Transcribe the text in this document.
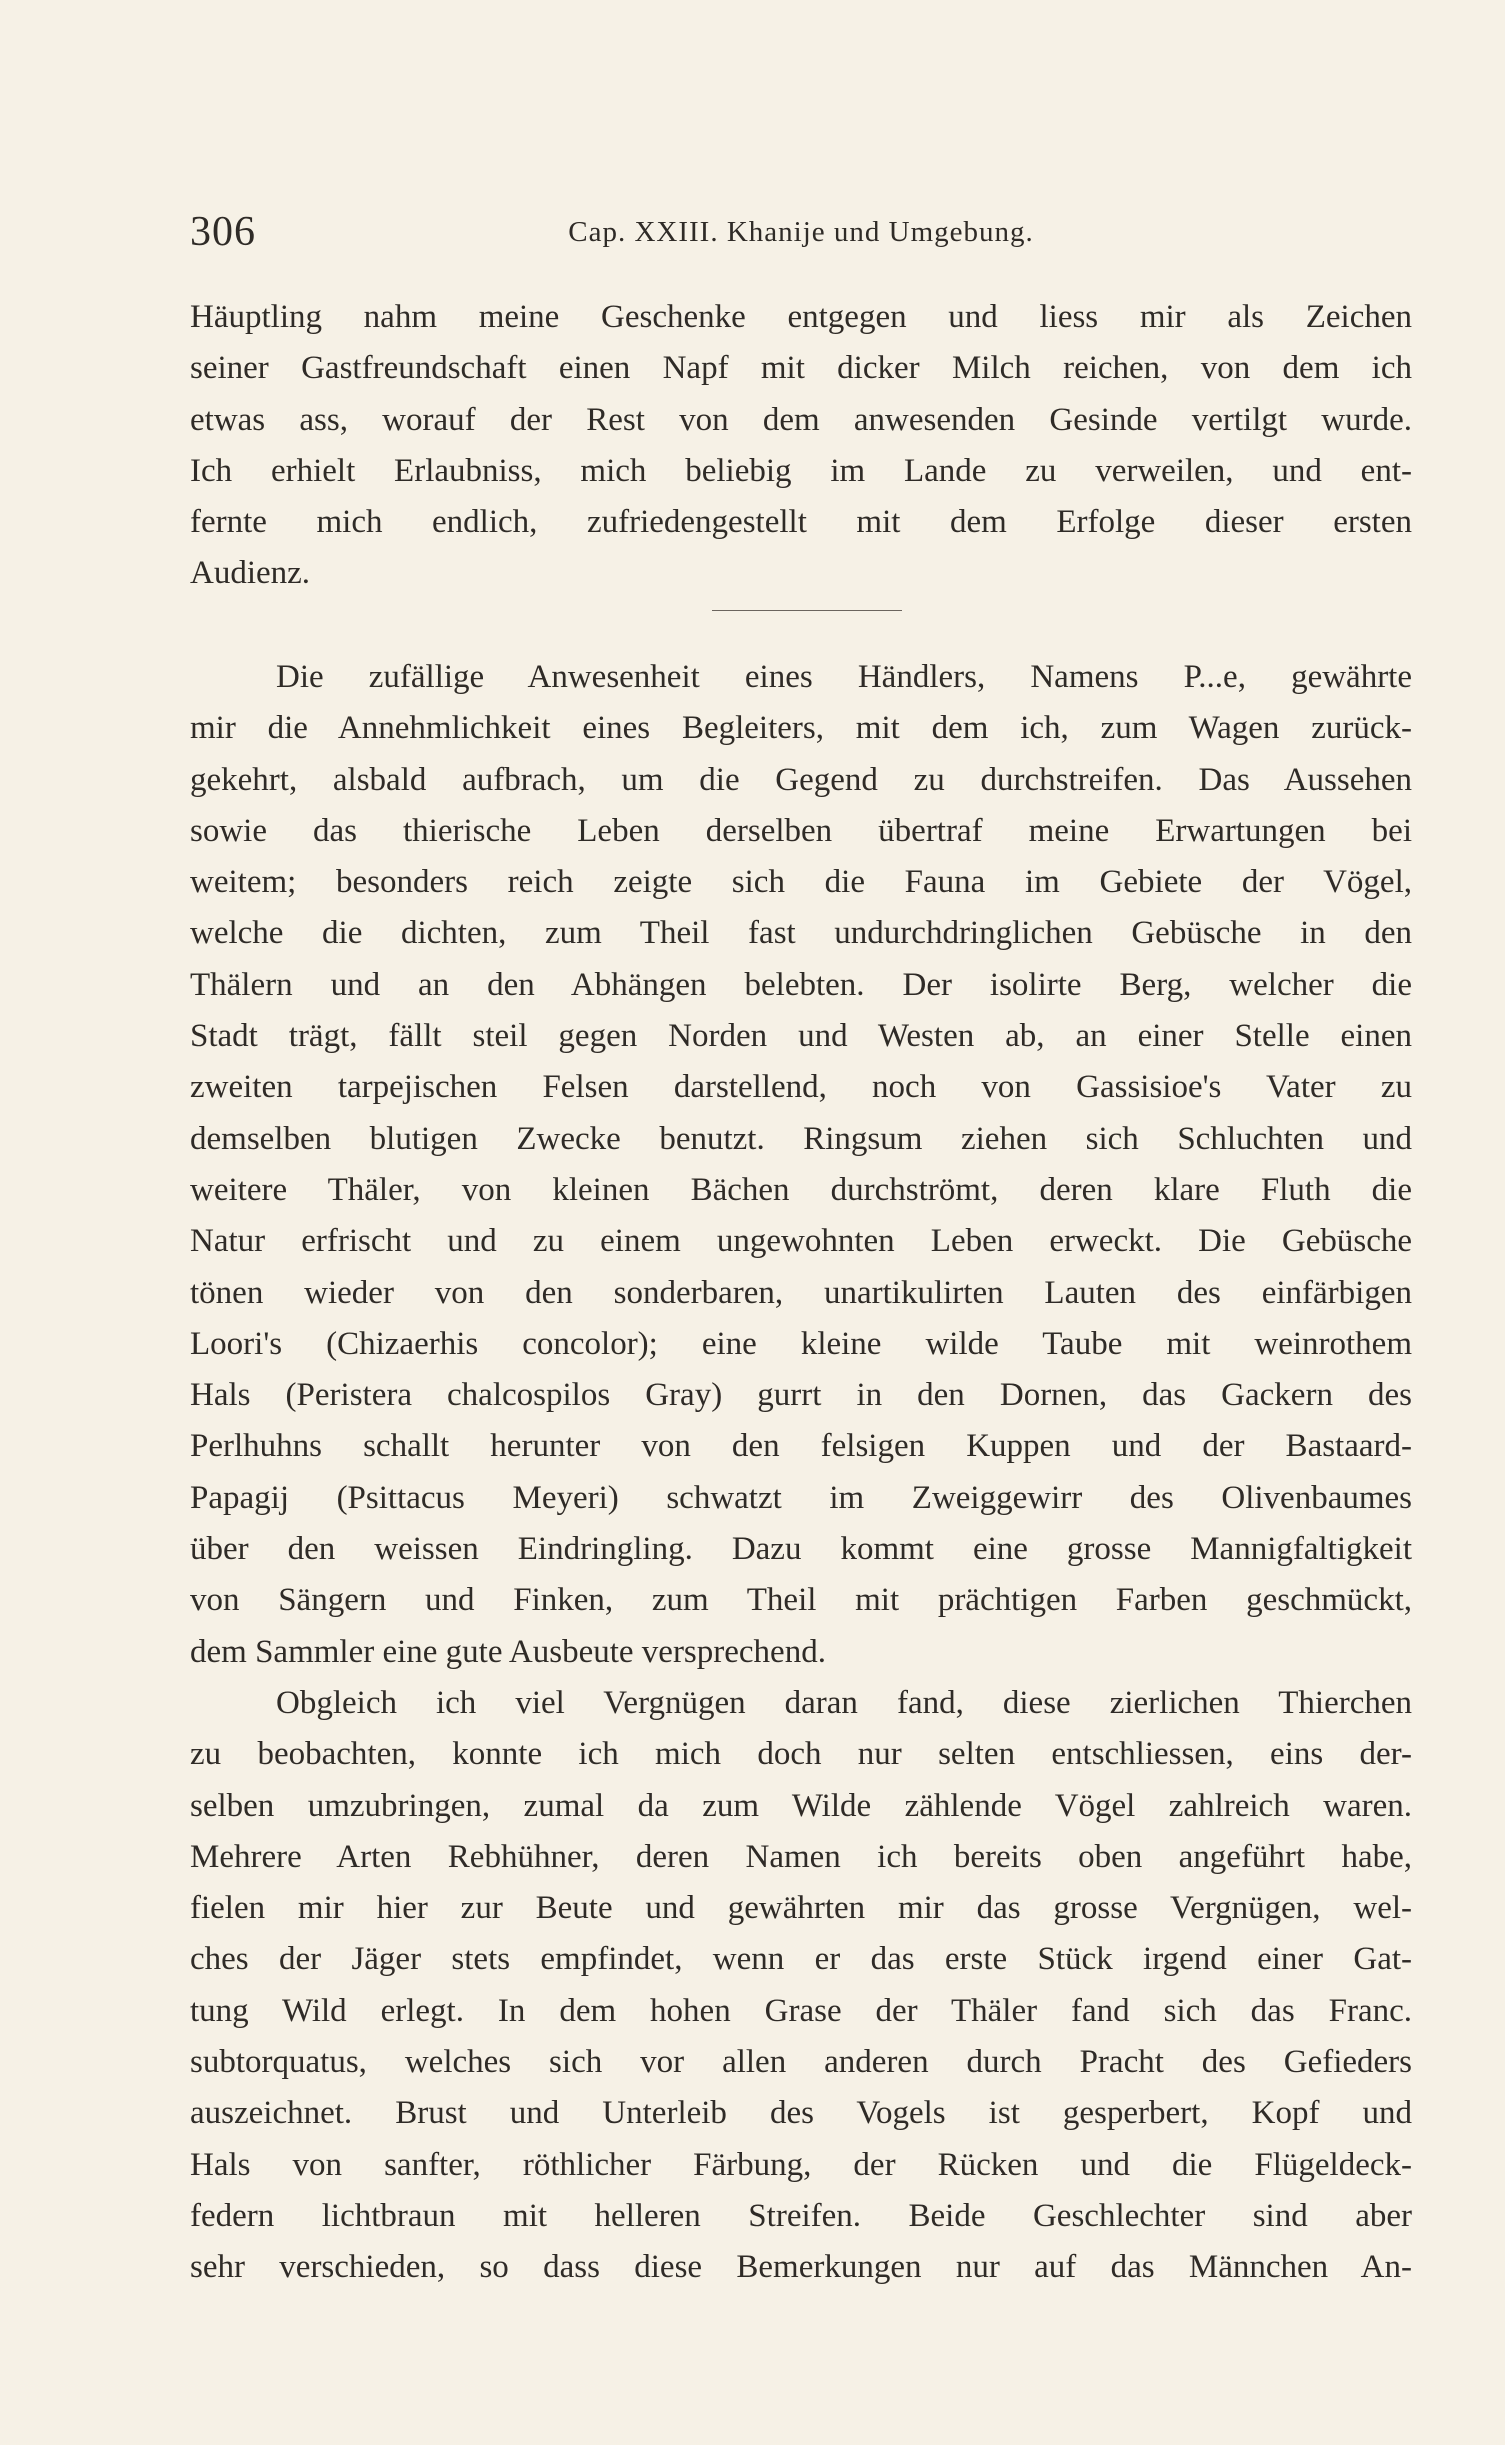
306	Cap. XXIII. Khanije und Umgebung.
Häuptling nahm meine Geschenke entgegen und liess mir als Zeichen
seiner Gastfreundschaft einen Napf mit dicker Milch reichen, von dem ich
etwas ass, worauf der Rest von dem anwesenden Gesinde vertilgt wurde.
Ich erhielt Erlaubniss, mich beliebig im Lande zu verweilen, und ent-
fernte mich endlich, zufriedengestellt mit dem Erfolge dieser ersten
Audienz.
Die zufällige Anwesenheit eines Händlers, Namens P...e, gewährte
mir die Annehmlichkeit eines Begleiters, mit dem ich, zum Wagen zurück-
gekehrt, alsbald aufbrach, um die Gegend zu durchstreifen. Das Aussehen
sowie das thierische Leben derselben übertraf meine Erwartungen bei
weitem; besonders reich zeigte sich die Fauna im Gebiete der Vögel,
welche die dichten, zum Theil fast undurchdringlichen Gebüsche in den
Thälern und an den Abhängen belebten. Der isolirte Berg, welcher die
Stadt trägt, fällt steil gegen Norden und Westen ab, an einer Stelle einen
zweiten tarpejischen Felsen darstellend, noch von Gassisioe's Vater zu
demselben blutigen Zwecke benutzt. Ringsum ziehen sich Schluchten und
weitere Thäler, von kleinen Bächen durchströmt, deren klare Fluth die
Natur erfrischt und zu einem ungewohnten Leben erweckt. Die Gebüsche
tönen wieder von den sonderbaren, unartikulirten Lauten des einfärbigen
Loori's (Chizaerhis concolor); eine kleine wilde Taube mit weinrothem
Hals (Peristera chalcospilos Gray) gurrt in den Dornen, das Gackern des
Perlhuhns schallt herunter von den felsigen Kuppen und der Bastaard-
Papagij (Psittacus Meyeri) schwatzt im Zweiggewirr des Olivenbaumes
über den weissen Eindringling. Dazu kommt eine grosse Mannigfaltigkeit
von Sängern und Finken, zum Theil mit prächtigen Farben geschmückt,
dem Sammler eine gute Ausbeute versprechend.
Obgleich ich viel Vergnügen daran fand, diese zierlichen Thierchen
zu beobachten, konnte ich mich doch nur selten entschliessen, eins der-
selben umzubringen, zumal da zum Wilde zählende Vögel zahlreich waren.
Mehrere Arten Rebhühner, deren Namen ich bereits oben angeführt habe,
fielen mir hier zur Beute und gewährten mir das grosse Vergnügen, wel-
ches der Jäger stets empfindet, wenn er das erste Stück irgend einer Gat-
tung Wild erlegt. In dem hohen Grase der Thäler fand sich das Franc.
subtorquatus, welches sich vor allen anderen durch Pracht des Gefieders
auszeichnet. Brust und Unterleib des Vogels ist gesperbert, Kopf und
Hals von sanfter, röthlicher Färbung, der Rücken und die Flügeldeck-
federn lichtbraun mit helleren Streifen. Beide Geschlechter sind aber
sehr verschieden, so dass diese Bemerkungen nur auf das Männchen An-
